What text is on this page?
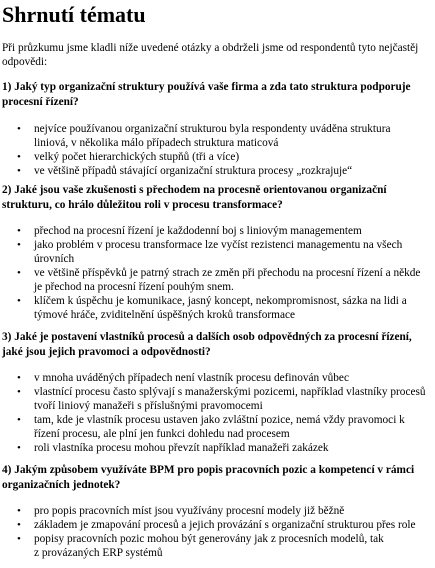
Shrnutí tématu

Při průzkumu jsme kladli níže uvedené otázky a obdrželi jsme od respondentů tyto nejčastěj
odpovědi:

1) Jaký typ organizační struktury používá vaše firma a zda tato struktura podporuje
procesní řízení?

• nejvíce používanou organizační strukturou byla respondenty uváděna struktura
liniová, v několika málo případech struktura maticová
• velký počet hierarchických stupňů (tři a více)
• ve většině případů stávající organizační struktura procesy „rozkrajuje“

2) Jaké jsou vaše zkušenosti s přechodem na procesně orientovanou organizační
strukturu, co hrálo důležitou roli v procesu transformace?

• přechod na procesní řízení je každodenní boj s liniovým managementem
• jako problém v procesu transformace lze vyčíst rezistenci managementu na všech
úrovních
• ve většině příspěvků je patrný strach ze změn při přechodu na procesní řízení a někde
je přechod na procesní řízení pouhým snem.
• klíčem k úspěchu je komunikace, jasný koncept, nekompromisnost, sázka na lidi a
týmové hráče, zviditelnění úspěšných kroků transformace

3) Jaké je postavení vlastníků procesů a dalších osob odpovědných za procesní řízení,
jaké jsou jejich pravomoci a odpovědnosti?

• v mnoha uváděných případech není vlastník procesu definován vůbec
• vlastnící procesu často splývají s manažerskými pozicemi, například vlastníky procesů
tvoří liniový manažeři s příslušnými pravomocemi
• tam, kde je vlastník procesu ustaven jako zvláštní pozice, nemá vždy pravomoci k
řízení procesu, ale plní jen funkci dohledu nad procesem
• roli vlastníka procesu mohou převzít například manažeři zakázek

4) Jakým způsobem využíváte BPM pro popis pracovních pozic a kompetencí v rámci
organizačních jednotek?

• pro popis pracovních míst jsou využívány procesní modely již běžně
• základem je zmapování procesů a jejich provázání s organizační strukturou přes role
• popisy pracovních pozic mohou být generovány jak z procesních modelů, tak
z provázaných ERP systémů
